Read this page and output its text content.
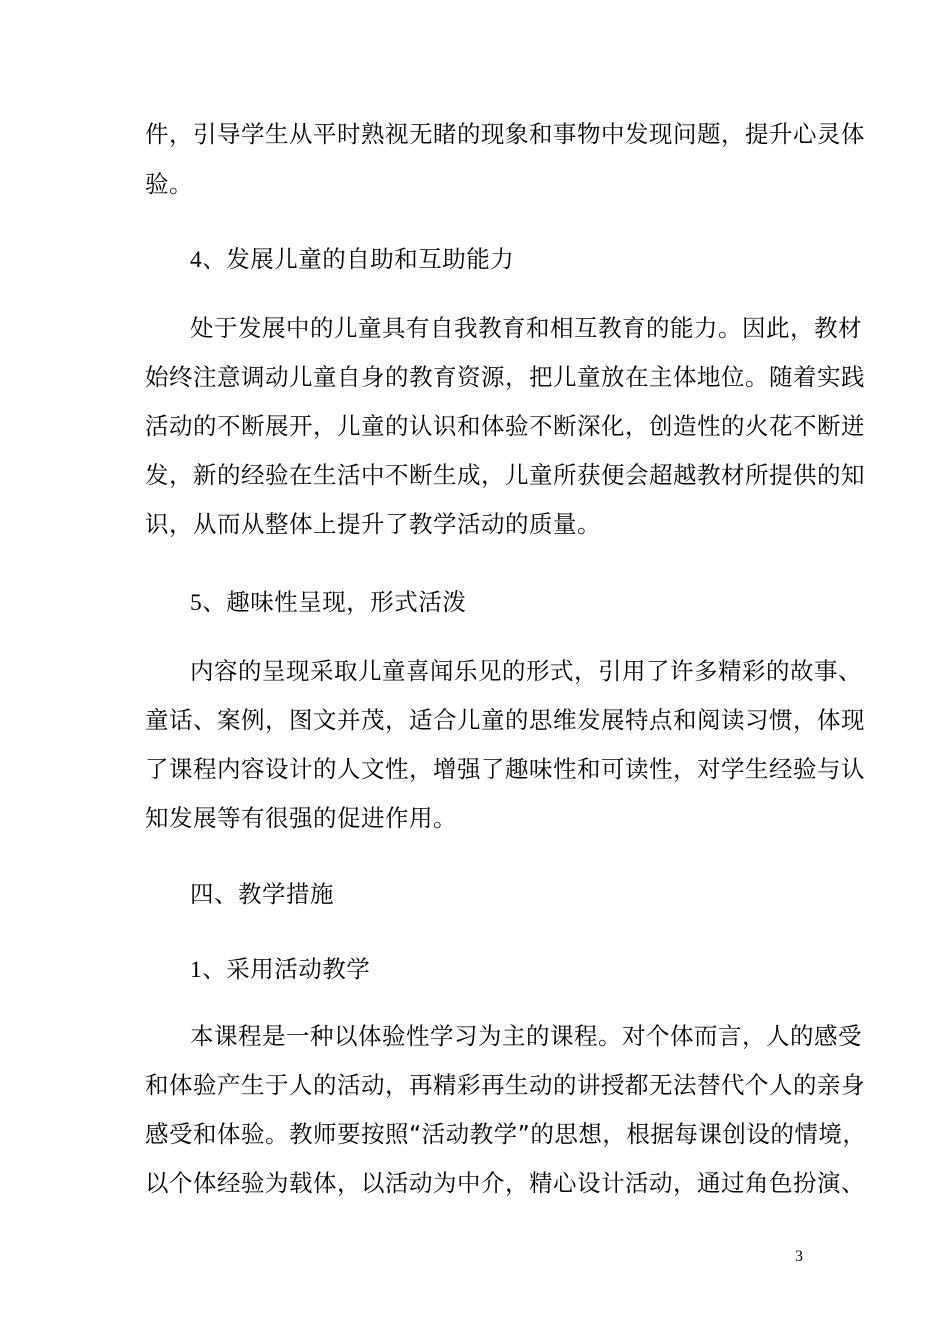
件，引导学生从平时熟视无睹的现象和事物中发现问题，提升心灵体
验。
4、发展儿童的自助和互助能力
处于发展中的儿童具有自我教育和相互教育的能力。因此，教材
始终注意调动儿童自身的教育资源，把儿童放在主体地位。随着实践
活动的不断展开，儿童的认识和体验不断深化，创造性的火花不断迸
发，新的经验在生活中不断生成，儿童所获便会超越教材所提供的知
识，从而从整体上提升了教学活动的质量。
5、趣味性呈现，形式活泼
内容的呈现采取儿童喜闻乐见的形式，引用了许多精彩的故事、
童话、案例，图文并茂，适合儿童的思维发展特点和阅读习惯，体现
了课程内容设计的人文性，增强了趣味性和可读性，对学生经验与认
知发展等有很强的促进作用。
四、教学措施
1、采用活动教学
本课程是一种以体验性学习为主的课程。对个体而言，人的感受
和体验产生于人的活动，再精彩再生动的讲授都无法替代个人的亲身
感受和体验。教师要按照“活动教学”的思想，根据每课创设的情境，
以个体经验为载体，以活动为中介，精心设计活动，通过角色扮演、
3
